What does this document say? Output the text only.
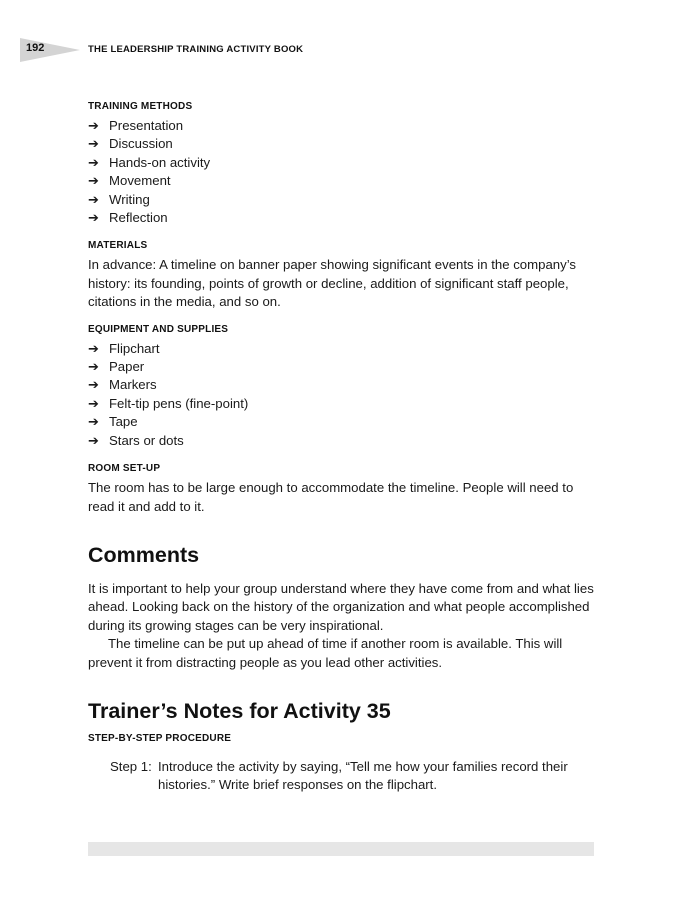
192	THE LEADERSHIP TRAINING ACTIVITY BOOK
TRAINING METHODS
➔ Presentation
➔ Discussion
➔ Hands-on activity
➔ Movement
➔ Writing
➔ Reflection
MATERIALS

In advance: A timeline on banner paper showing significant events in the company’s history: its founding, points of growth or decline, addition of significant staff people, citations in the media, and so on.

EQUIPMENT AND SUPPLIES
➔ Flipchart
➔ Paper
➔ Markers
➔ Felt-tip pens (fine-point)
➔ Tape
➔ Stars or dots
ROOM SET-UP

The room has to be large enough to accommodate the timeline. People will need to read it and add to it.

Comments

It is important to help your group understand where they have come from and what lies ahead. Looking back on the history of the organization and what people accomplished during its growing stages can be very inspirational.

The timeline can be put up ahead of time if another room is available. This will prevent it from distracting people as you lead other activities.

Trainer’s Notes for Activity 35
STEP-BY-STEP PROCEDURE
Step 1: Introduce the activity by saying, “Tell me how your families record their histories.” Write brief responses on the flipchart.
